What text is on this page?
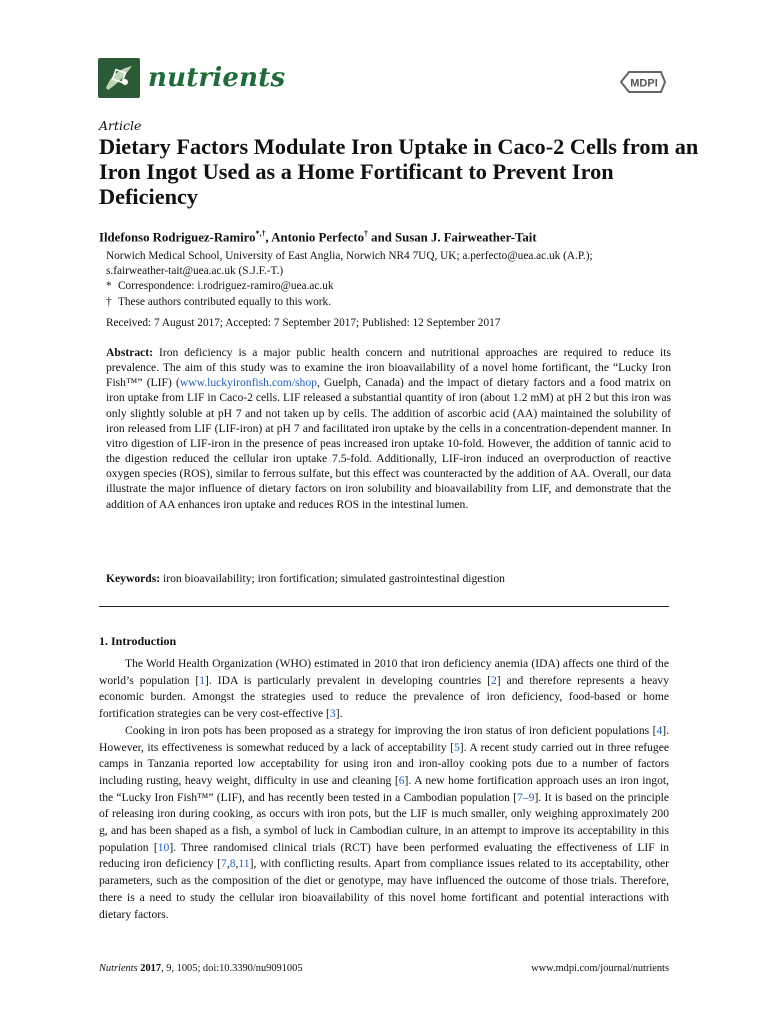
nutrients	MDPI
Article
Dietary Factors Modulate Iron Uptake in Caco-2 Cells from an Iron Ingot Used as a Home Fortificant to Prevent Iron Deficiency
Ildefonso Rodriguez-Ramiro*,†, Antonio Perfecto† and Susan J. Fairweather-Tait
Norwich Medical School, University of East Anglia, Norwich NR4 7UQ, UK; a.perfecto@uea.ac.uk (A.P.);
s.fairweather-tait@uea.ac.uk (S.J.F.-T.)
* Correspondence: i.rodriguez-ramiro@uea.ac.uk
† These authors contributed equally to this work.
Received: 7 August 2017; Accepted: 7 September 2017; Published: 12 September 2017
Abstract: Iron deficiency is a major public health concern and nutritional approaches are required to reduce its prevalence. The aim of this study was to examine the iron bioavailability of a novel home fortificant, the “Lucky Iron Fish™” (LIF) (www.luckyironfish.com/shop, Guelph, Canada) and the impact of dietary factors and a food matrix on iron uptake from LIF in Caco-2 cells. LIF released a substantial quantity of iron (about 1.2 mM) at pH 2 but this iron was only slightly soluble at pH 7 and not taken up by cells. The addition of ascorbic acid (AA) maintained the solubility of iron released from LIF (LIF-iron) at pH 7 and facilitated iron uptake by the cells in a concentration-dependent manner. In vitro digestion of LIF-iron in the presence of peas increased iron uptake 10-fold. However, the addition of tannic acid to the digestion reduced the cellular iron uptake 7.5-fold. Additionally, LIF-iron induced an overproduction of reactive oxygen species (ROS), similar to ferrous sulfate, but this effect was counteracted by the addition of AA. Overall, our data illustrate the major influence of dietary factors on iron solubility and bioavailability from LIF, and demonstrate that the addition of AA enhances iron uptake and reduces ROS in the intestinal lumen.
Keywords: iron bioavailability; iron fortification; simulated gastrointestinal digestion
1. Introduction

The World Health Organization (WHO) estimated in 2010 that iron deficiency anemia (IDA) affects one third of the world’s population [1]. IDA is particularly prevalent in developing countries [2] and therefore represents a heavy economic burden. Amongst the strategies used to reduce the prevalence of iron deficiency, food-based or home fortification strategies can be very cost-effective [3].

Cooking in iron pots has been proposed as a strategy for improving the iron status of iron deficient populations [4]. However, its effectiveness is somewhat reduced by a lack of acceptability [5]. A recent study carried out in three refugee camps in Tanzania reported low acceptability for using iron and iron-alloy cooking pots due to a number of factors including rusting, heavy weight, difficulty in use and cleaning [6]. A new home fortification approach uses an iron ingot, the “Lucky Iron Fish™” (LIF), and has recently been tested in a Cambodian population [7–9]. It is based on the principle of releasing iron during cooking, as occurs with iron pots, but the LIF is much smaller, only weighing approximately 200 g, and has been shaped as a fish, a symbol of luck in Cambodian culture, in an attempt to improve its acceptability in this population [10]. Three randomised clinical trials (RCT) have been performed evaluating the effectiveness of LIF in reducing iron deficiency [7,8,11], with conflicting results. Apart from compliance issues related to its acceptability, other parameters, such as the composition of the diet or genotype, may have influenced the outcome of those trials. Therefore, there is a need to study the cellular iron bioavailability of this novel home fortificant and potential interactions with dietary factors.

Nutrients 2017, 9, 1005; doi:10.3390/nu9091005	www.mdpi.com/journal/nutrients
